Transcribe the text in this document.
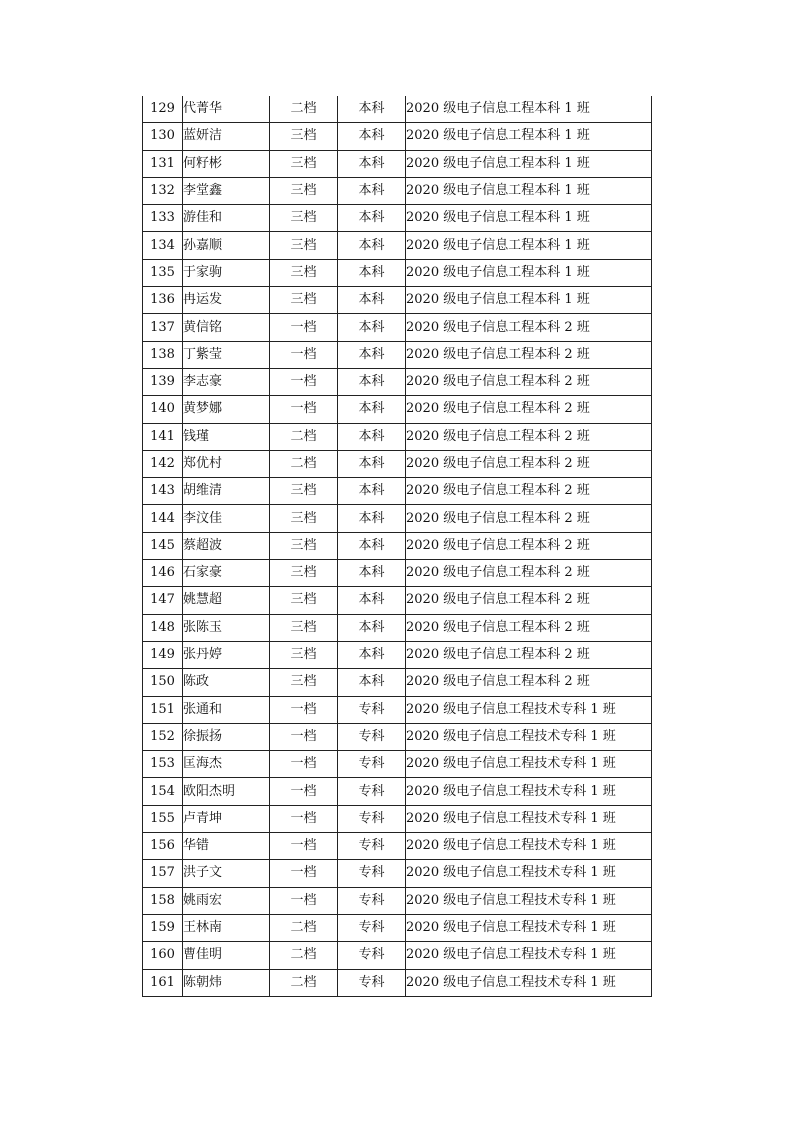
129	代菁华	二档	本科	2020 级电子信息工程本科 1 班
130	蓝妍洁	三档	本科	2020 级电子信息工程本科 1 班
131	何籽彬	三档	本科	2020 级电子信息工程本科 1 班
132	李堂鑫	三档	本科	2020 级电子信息工程本科 1 班
133	游佳和	三档	本科	2020 级电子信息工程本科 1 班
134	孙嘉顺	三档	本科	2020 级电子信息工程本科 1 班
135	于家驹	三档	本科	2020 级电子信息工程本科 1 班
136	冉运发	三档	本科	2020 级电子信息工程本科 1 班
137	黄信铭	一档	本科	2020 级电子信息工程本科 2 班
138	丁紫莹	一档	本科	2020 级电子信息工程本科 2 班
139	李志豪	一档	本科	2020 级电子信息工程本科 2 班
140	黄梦娜	一档	本科	2020 级电子信息工程本科 2 班
141	钱瑾	二档	本科	2020 级电子信息工程本科 2 班
142	郑优村	二档	本科	2020 级电子信息工程本科 2 班
143	胡维清	三档	本科	2020 级电子信息工程本科 2 班
144	李汶佳	三档	本科	2020 级电子信息工程本科 2 班
145	蔡超波	三档	本科	2020 级电子信息工程本科 2 班
146	石家豪	三档	本科	2020 级电子信息工程本科 2 班
147	姚慧超	三档	本科	2020 级电子信息工程本科 2 班
148	张陈玉	三档	本科	2020 级电子信息工程本科 2 班
149	张丹婷	三档	本科	2020 级电子信息工程本科 2 班
150	陈政	三档	本科	2020 级电子信息工程本科 2 班
151	张通和	一档	专科	2020 级电子信息工程技术专科 1 班
152	徐振扬	一档	专科	2020 级电子信息工程技术专科 1 班
153	匡海杰	一档	专科	2020 级电子信息工程技术专科 1 班
154	欧阳杰明	一档	专科	2020 级电子信息工程技术专科 1 班
155	卢青坤	一档	专科	2020 级电子信息工程技术专科 1 班
156	华错	一档	专科	2020 级电子信息工程技术专科 1 班
157	洪子文	一档	专科	2020 级电子信息工程技术专科 1 班
158	姚雨宏	一档	专科	2020 级电子信息工程技术专科 1 班
159	王林南	二档	专科	2020 级电子信息工程技术专科 1 班
160	曹佳明	二档	专科	2020 级电子信息工程技术专科 1 班
161	陈朝炜	二档	专科	2020 级电子信息工程技术专科 1 班
